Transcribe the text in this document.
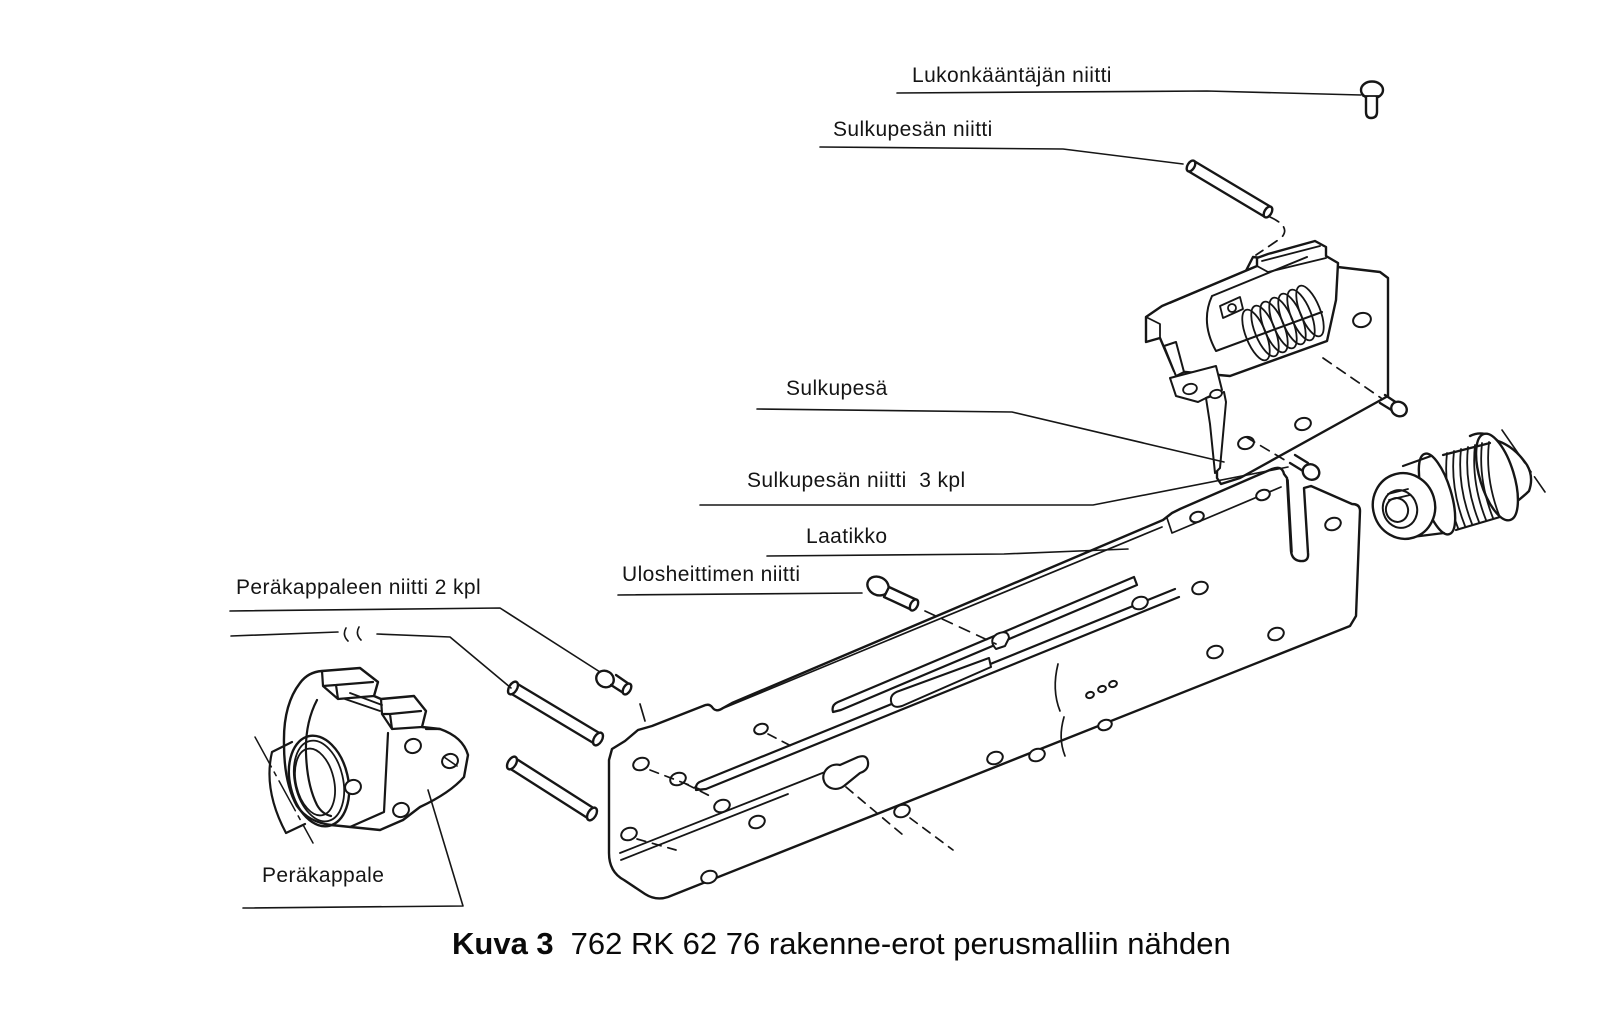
Lukonkääntäjän niitti
Sulkupesän niitti
Sulkupesä
Sulkupesän niitti  3 kpl
Laatikko
Ulosheittimen niitti
Peräkappaleen niitti 2 kpl
Peräkappale
Kuva 3 762 RK 62 76 rakenne-erot perusmalliin nähden
